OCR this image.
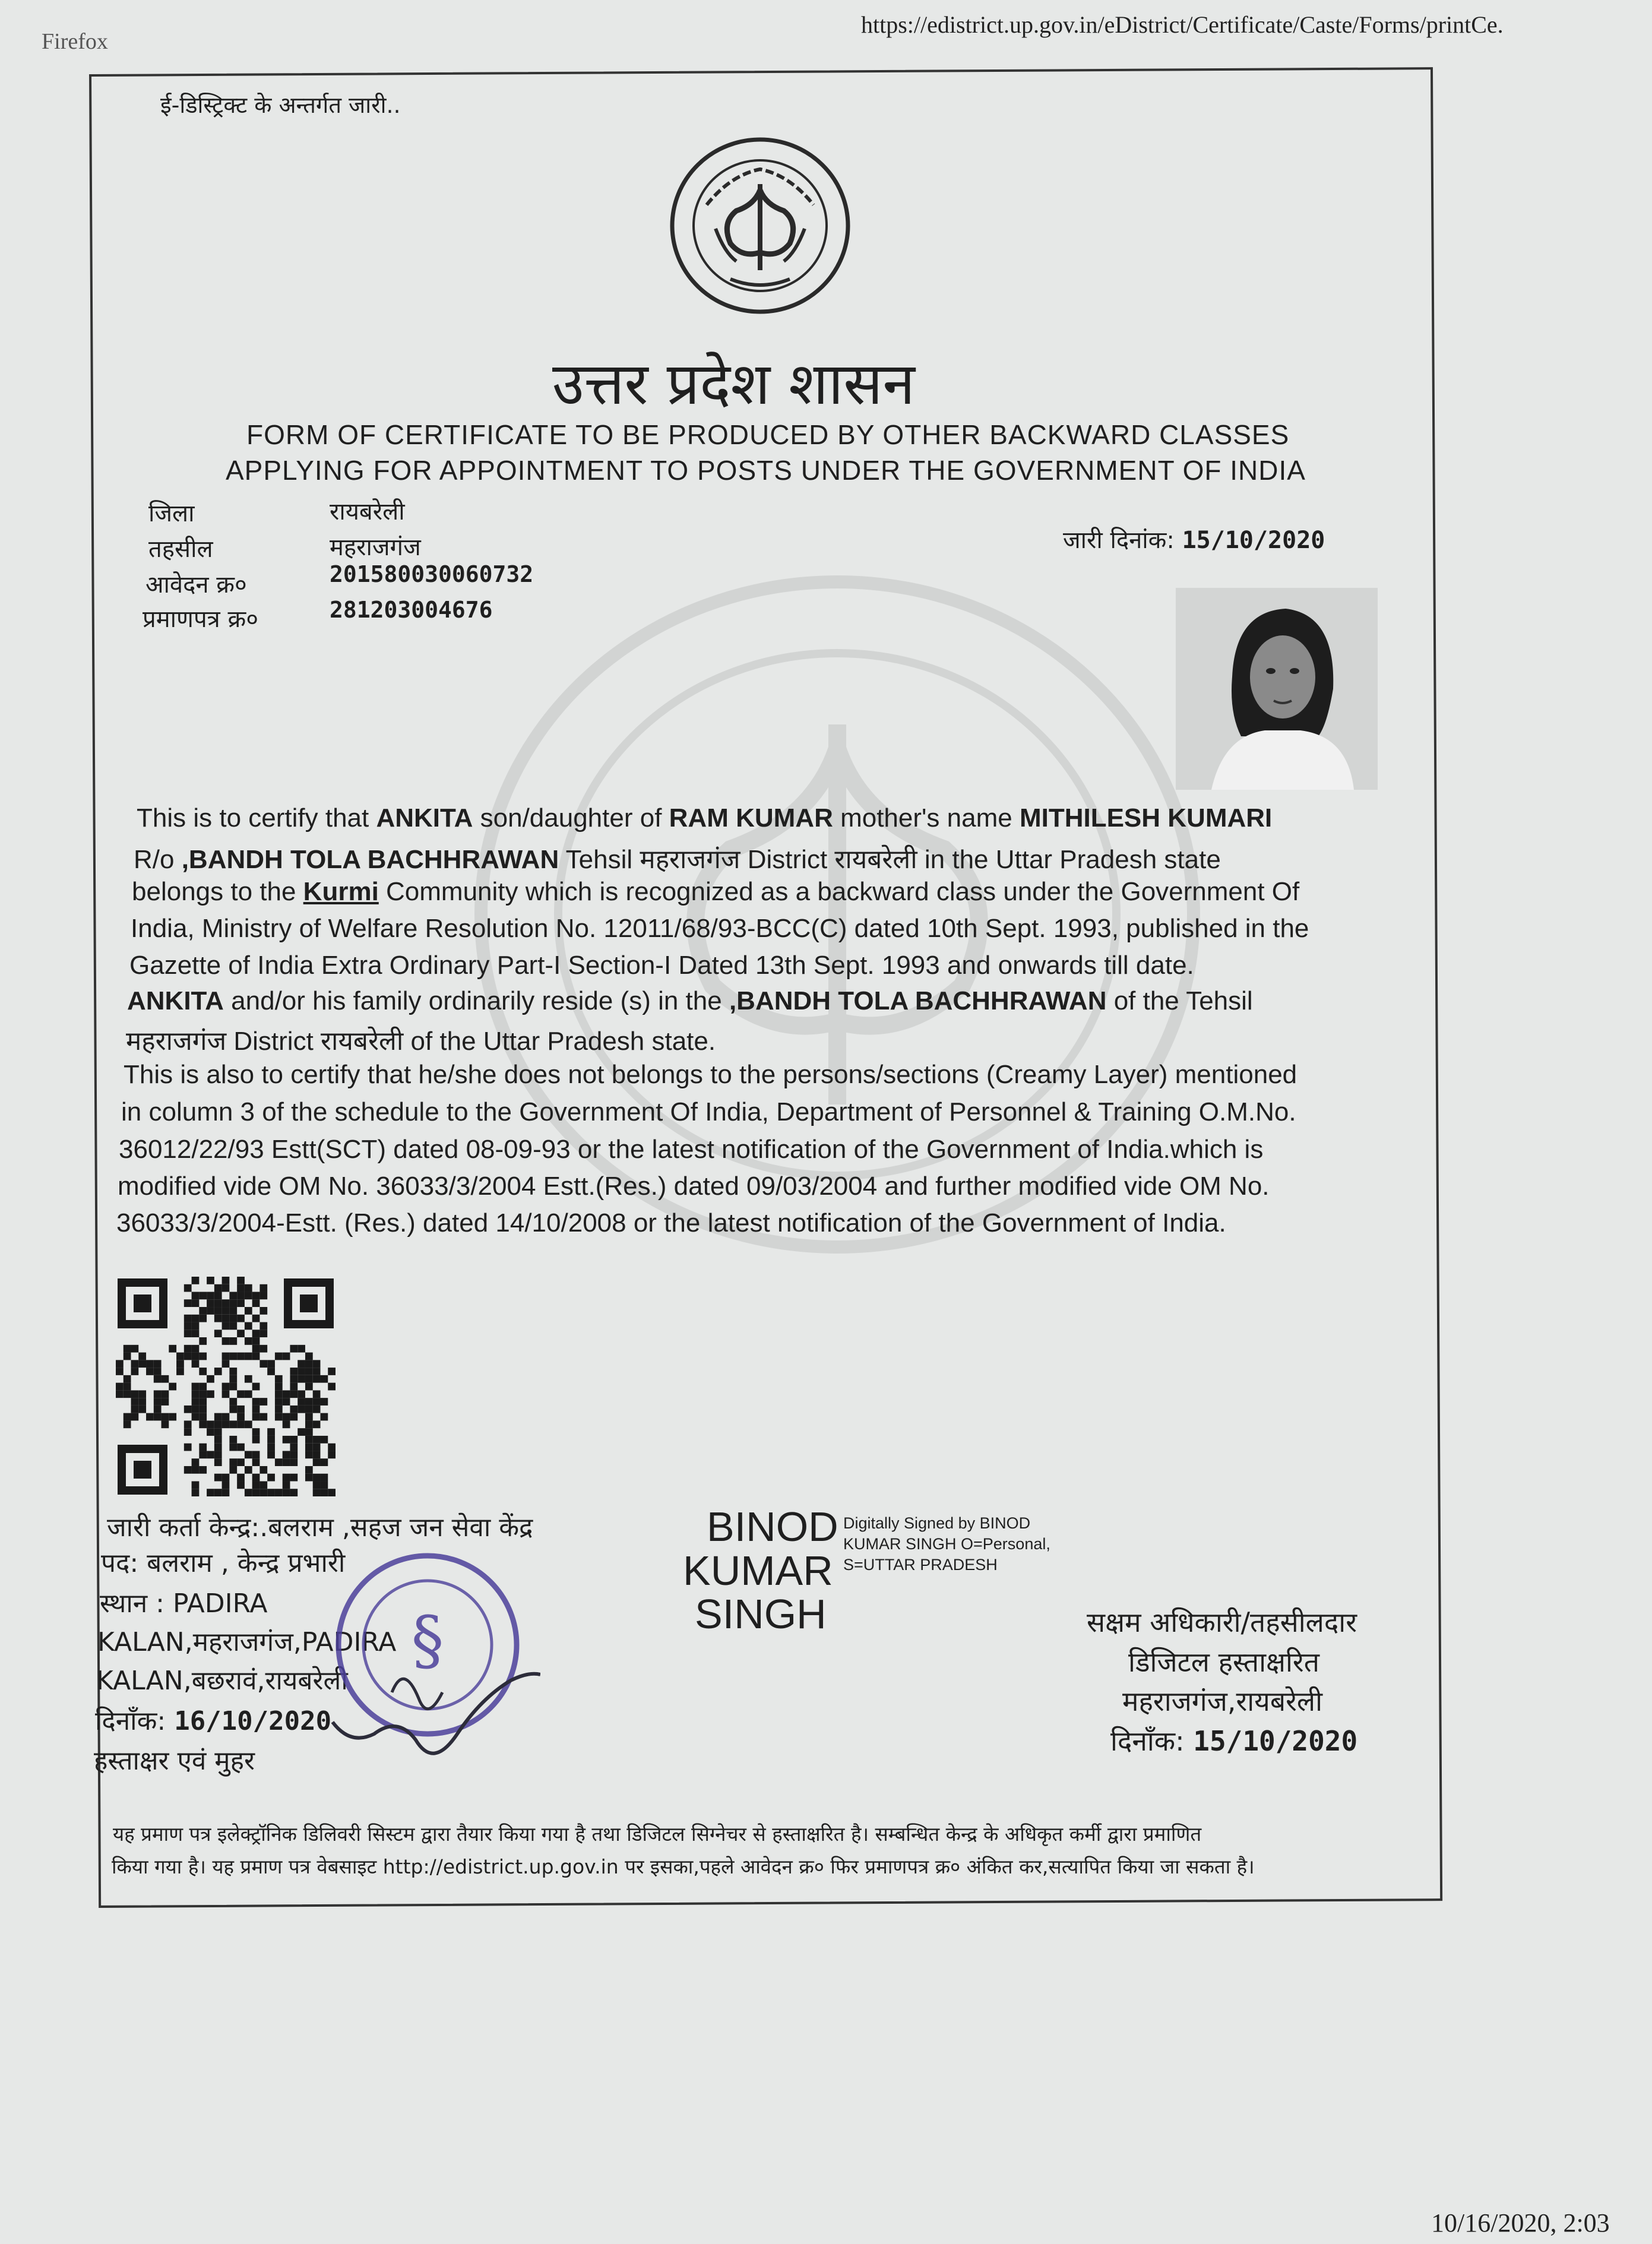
Firefox
https://edistrict.up.gov.in/eDistrict/Certificate/Caste/Forms/printCe.
10/16/2020, 2:03
ई-डिस्ट्रिक्ट के अन्तर्गत जारी..
उत्तर प्रदेश शासन
FORM OF CERTIFICATE TO BE PRODUCED BY OTHER BACKWARD CLASSES
APPLYING FOR APPOINTMENT TO POSTS UNDER THE GOVERNMENT OF INDIA
जिला	रायबरेली
तहसील	महराजगंज
आवेदन क्र०	201580030060732
प्रमाणपत्र क्र०	281203004676
जारी दिनांक: 15/10/2020
This is to certify that ANKITA son/daughter of RAM KUMAR mother's name MITHILESH KUMARI
R/o ,BANDH TOLA BACHHRAWAN Tehsil महराजगंज District रायबरेली in the Uttar Pradesh state
belongs to the Kurmi Community which is recognized as a backward class under the Government Of
India, Ministry of Welfare Resolution No. 12011/68/93-BCC(C) dated 10th Sept. 1993, published in the
Gazette of India Extra Ordinary Part-I Section-I Dated 13th Sept. 1993 and onwards till date.
ANKITA and/or his family ordinarily reside (s) in the ,BANDH TOLA BACHHRAWAN of the Tehsil
महराजगंज District रायबरेली of the Uttar Pradesh state.
This is also to certify that he/she does not belongs to the persons/sections (Creamy Layer) mentioned
in column 3 of the schedule to the Government Of India, Department of Personnel & Training O.M.No.
36012/22/93 Estt(SCT) dated 08-09-93 or the latest notification of the Government of India.which is
modified vide OM No. 36033/3/2004 Estt.(Res.) dated 09/03/2004 and further modified vide OM No.
36033/3/2004-Estt. (Res.) dated 14/10/2008 or the latest notification of the Government of India.
जारी कर्ता केन्द्र:.बलराम ,सहज जन सेवा केंद्र
पद: बलराम , केन्द्र प्रभारी
स्थान : PADIRA
KALAN,महराजगंज,PADIRA
KALAN,बछरावं,रायबरेली
दिनाँक: 16/10/2020
हस्ताक्षर एवं मुहर
§
BINOD
KUMAR
SINGH
Digitally Signed by BINOD
KUMAR SINGH O=Personal,
S=UTTAR PRADESH
सक्षम अधिकारी/तहसीलदार
डिजिटल हस्ताक्षरित
महराजगंज,रायबरेली
दिनाँक: 15/10/2020
यह प्रमाण पत्र इलेक्ट्रॉनिक डिलिवरी सिस्टम द्वारा तैयार किया गया है तथा डिजिटल सिग्नेचर से हस्ताक्षरित है। सम्बन्धित केन्द्र के अधिकृत कर्मी द्वारा प्रमाणित
किया गया है। यह प्रमाण पत्र वेबसाइट http://edistrict.up.gov.in पर इसका,पहले आवेदन क्र० फिर प्रमाणपत्र क्र० अंकित कर,सत्यापित किया जा सकता है।
